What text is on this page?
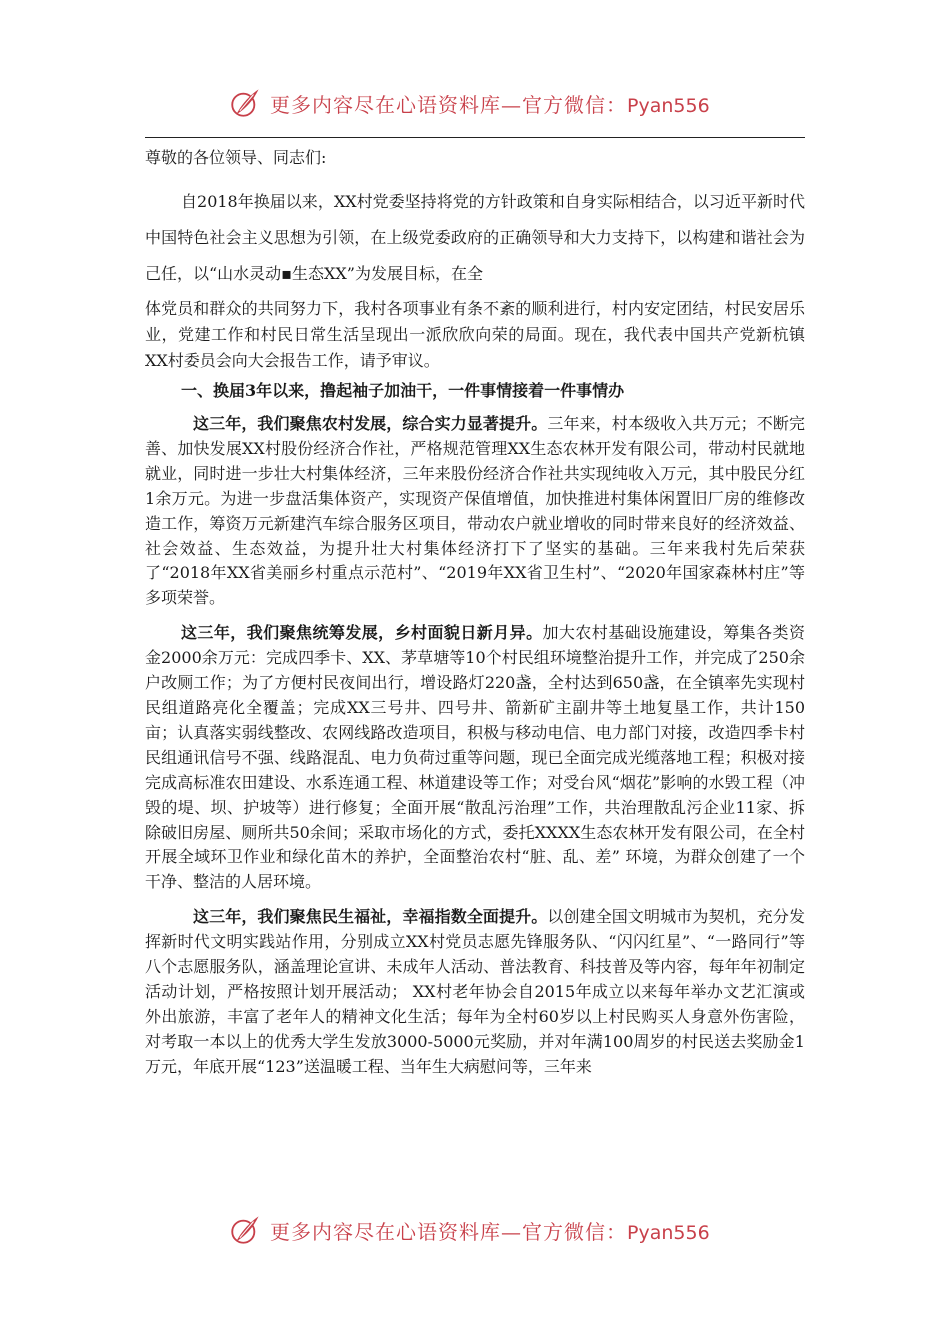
更多内容尽在心语资料库—官方微信：Pyan556

尊敬的各位领导、同志们:

自2018年换届以来，XX村党委坚持将党的方针政策和自身实际相结合，以习近平新时代中国特色社会主义思想为引领，在上级党委政府的正确领导和大力支持下，以构建和谐社会为己任，以“山水灵动▪生态XX”为发展目标，在全

体党员和群众的共同努力下，我村各项事业有条不紊的顺利进行，村内安定团结，村民安居乐业，党建工作和村民日常生活呈现出一派欣欣向荣的局面。现在，我代表中国共产党新杭镇XX村委员会向大会报告工作，请予审议。

一、换届3年以来，撸起袖子加油干，一件事情接着一件事情办

这三年，我们聚焦农村发展，综合实力显著提升。三年来，村本级收入共万元；不断完善、加快发展XX村股份经济合作社，严格规范管理XX生态农林开发有限公司，带动村民就地就业，同时进一步壮大村集体经济，三年来股份经济合作社共实现纯收入万元，其中股民分红1余万元。为进一步盘活集体资产，实现资产保值增值，加快推进村集体闲置旧厂房的维修改造工作，筹资万元新建汽车综合服务区项目，带动农户就业增收的同时带来良好的经济效益、社会效益、生态效益，为提升壮大村集体经济打下了坚实的基础。三年来我村先后荣获了“2018年XX省美丽乡村重点示范村”、“2019年XX省卫生村”、“2020年国家森林村庄”等多项荣誉。

这三年，我们聚焦统筹发展，乡村面貌日新月异。加大农村基础设施建设，筹集各类资金2000余万元：完成四季卡、XX、茅草塘等10个村民组环境整治提升工作，并完成了250余户改厕工作；为了方便村民夜间出行，增设路灯220盏，全村达到650盏，在全镇率先实现村民组道路亮化全覆盖；完成XX三号井、四号井、箭新矿主副井等土地复垦工作，共计150亩；认真落实弱线整改、农网线路改造项目，积极与移动电信、电力部门对接，改造四季卡村民组通讯信号不强、线路混乱、电力负荷过重等问题，现已全面完成光缆落地工程；积极对接完成高标准农田建设、水系连通工程、林道建设等工作；对受台风“烟花”影响的水毁工程（冲毁的堤、坝、护坡等）进行修复；全面开展“散乱污治理”工作，共治理散乱污企业11家、拆除破旧房屋、厕所共50余间；采取市场化的方式，委托XXXX生态农林开发有限公司，在全村开展全域环卫作业和绿化苗木的养护，全面整治农村“脏、乱、差” 环境，为群众创建了一个干净、整洁的人居环境。

这三年，我们聚焦民生福祉，幸福指数全面提升。以创建全国文明城市为契机，充分发挥新时代文明实践站作用，分别成立XX村党员志愿先锋服务队、“闪闪红星”、“一路同行”等八个志愿服务队，涵盖理论宣讲、未成年人活动、普法教育、科技普及等内容，每年年初制定活动计划，严格按照计划开展活动； XX村老年协会自2015年成立以来每年举办文艺汇演或外出旅游，丰富了老年人的精神文化生活；每年为全村60岁以上村民购买人身意外伤害险，对考取一本以上的优秀大学生发放3000-5000元奖励，并对年满100周岁的村民送去奖励金1万元，年底开展“123”送温暖工程、当年生大病慰问等，三年来

更多内容尽在心语资料库—官方微信：Pyan556
